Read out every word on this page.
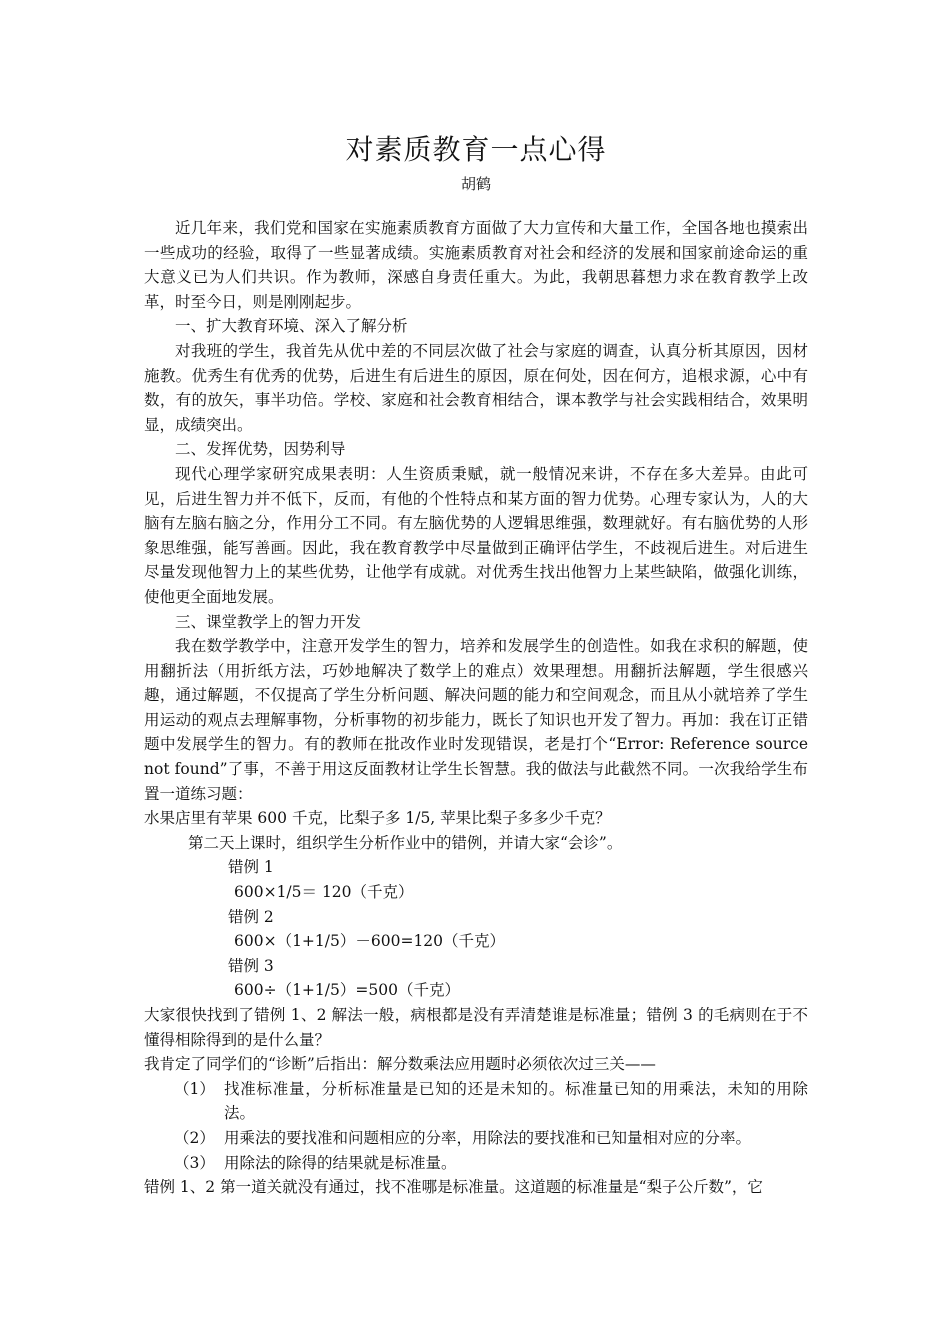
对素质教育一点心得

胡鹤

近几年来，我们党和国家在实施素质教育方面做了大力宣传和大量工作，全国各地也摸索出一些成功的经验，取得了一些显著成绩。实施素质教育对社会和经济的发展和国家前途命运的重大意义已为人们共识。作为教师，深感自身责任重大。为此，我朝思暮想力求在教育教学上改革，时至今日，则是刚刚起步。

一、扩大教育环境、深入了解分析

对我班的学生，我首先从优中差的不同层次做了社会与家庭的调查，认真分析其原因，因材施教。优秀生有优秀的优势，后进生有后进生的原因，原在何处，因在何方，追根求源，心中有数，有的放矢，事半功倍。学校、家庭和社会教育相结合，课本教学与社会实践相结合，效果明显，成绩突出。

二、发挥优势，因势利导

现代心理学家研究成果表明：人生资质秉赋，就一般情况来讲，不存在多大差异。由此可见，后进生智力并不低下，反而，有他的个性特点和某方面的智力优势。心理专家认为，人的大脑有左脑右脑之分，作用分工不同。有左脑优势的人逻辑思维强，数理就好。有右脑优势的人形象思维强，能写善画。因此，我在教育教学中尽量做到正确评估学生，不歧视后进生。对后进生尽量发现他智力上的某些优势，让他学有成就。对优秀生找出他智力上某些缺陷，做强化训练，使他更全面地发展。

三、课堂教学上的智力开发

我在数学教学中，注意开发学生的智力，培养和发展学生的创造性。如我在求积的解题，使用翻折法（用折纸方法，巧妙地解决了数学上的难点）效果理想。用翻折法解题，学生很感兴趣，通过解题，不仅提高了学生分析问题、解决问题的能力和空间观念，而且从小就培养了学生用运动的观点去理解事物，分析事物的初步能力，既长了知识也开发了智力。再加：我在订正错题中发展学生的智力。有的教师在批改作业时发现错误，老是打个“Error: Reference source not found”了事，不善于用这反面教材让学生长智慧。我的做法与此截然不同。一次我给学生布置一道练习题：

水果店里有苹果 600 千克，比梨子多 1/5, 苹果比梨子多多少千克？

第二天上课时，组织学生分析作业中的错例，并请大家“会诊”。

错例 1

600×1/5＝ 120（千克）

错例 2

600×（1+1/5）－600=120（千克）

错例 3

600÷（1+1/5）=500（千克）

大家很快找到了错例 1、2 解法一般，病根都是没有弄清楚谁是标准量；错例 3 的毛病则在于不懂得相除得到的是什么量？

我肯定了同学们的“诊断”后指出：解分数乘法应用题时必须依次过三关——

（1） 找准标准量，分析标准量是已知的还是未知的。标准量已知的用乘法，未知的用除法。
（2） 用乘法的要找准和问题相应的分率，用除法的要找准和已知量相对应的分率。
（3） 用除法的除得的结果就是标准量。

错例 1、2 第一道关就没有通过，找不准哪是标准量。这道题的标准量是“梨子公斤数”，它
